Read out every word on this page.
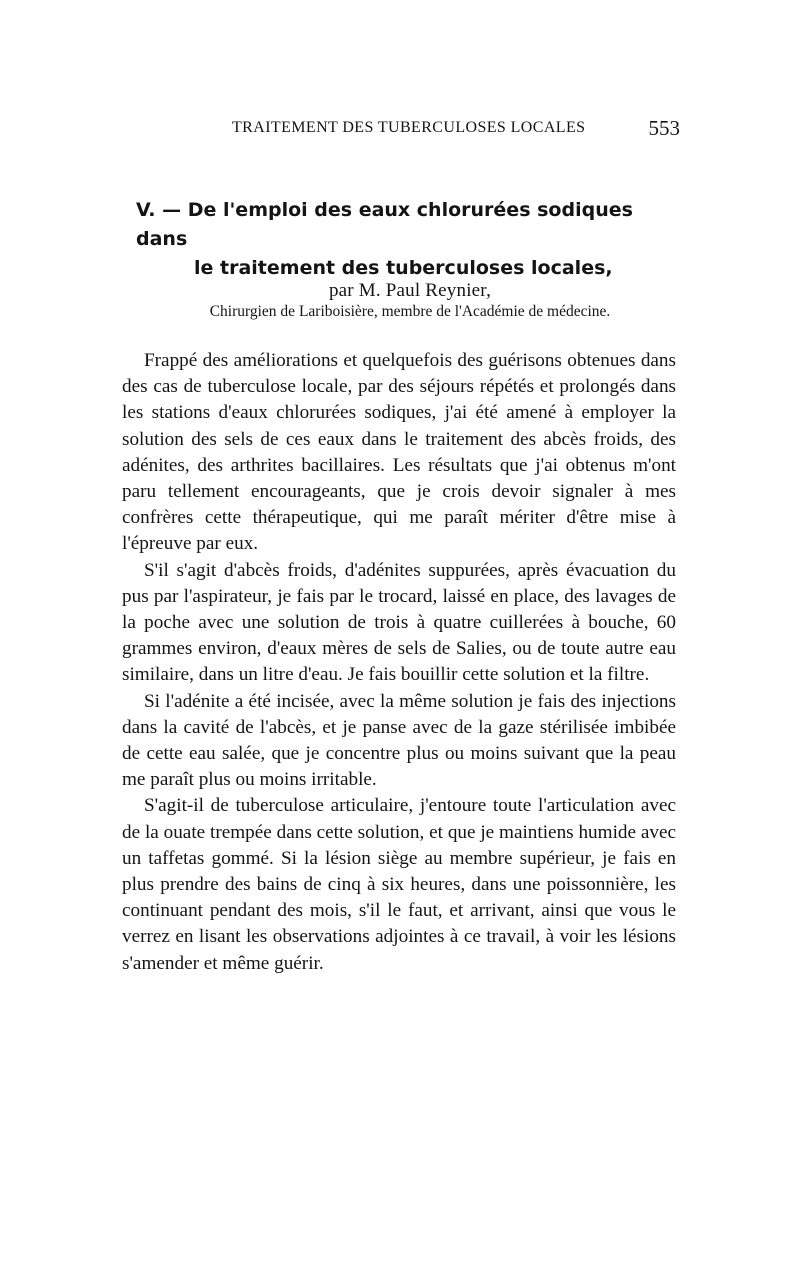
TRAITEMENT DES TUBERCULOSES LOCALES	553
V. — De l'emploi des eaux chlorurées sodiques dans
le traitement des tuberculoses locales,
par M. Paul Reynier,
Chirurgien de Lariboisière, membre de l'Académie de médecine.

Frappé des améliorations et quelquefois des guérisons obtenues dans des cas de tuberculose locale, par des séjours répétés et prolongés dans les stations d'eaux chlorurées sodiques, j'ai été amené à employer la solution des sels de ces eaux dans le traitement des abcès froids, des adénites, des arthrites bacillaires. Les résultats que j'ai obtenus m'ont paru tellement encourageants, que je crois devoir signaler à mes confrères cette thérapeutique, qui me paraît mériter d'être mise à l'épreuve par eux.

S'il s'agit d'abcès froids, d'adénites suppurées, après évacuation du pus par l'aspirateur, je fais par le trocard, laissé en place, des lavages de la poche avec une solution de trois à quatre cuillerées à bouche, 60 grammes environ, d'eaux mères de sels de Salies, ou de toute autre eau similaire, dans un litre d'eau. Je fais bouillir cette solution et la filtre.

Si l'adénite a été incisée, avec la même solution je fais des injections dans la cavité de l'abcès, et je panse avec de la gaze stérilisée imbibée de cette eau salée, que je concentre plus ou moins suivant que la peau me paraît plus ou moins irritable.

S'agit-il de tuberculose articulaire, j'entoure toute l'articulation avec de la ouate trempée dans cette solution, et que je maintiens humide avec un taffetas gommé. Si la lésion siège au membre supérieur, je fais en plus prendre des bains de cinq à six heures, dans une poissonnière, les continuant pendant des mois, s'il le faut, et arrivant, ainsi que vous le verrez en lisant les observations adjointes à ce travail, à voir les lésions s'amender et même guérir.
